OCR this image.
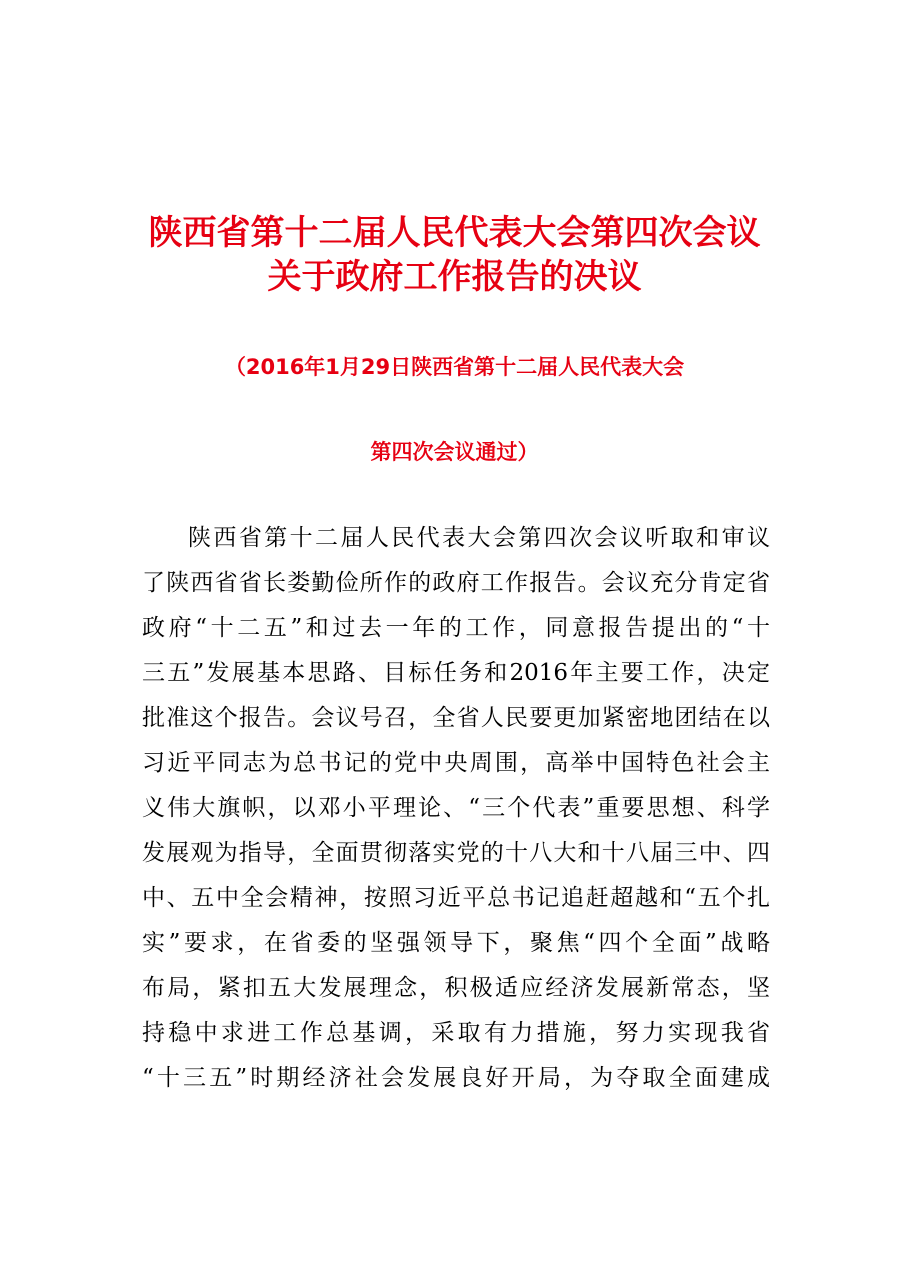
陕西省第十二届人民代表大会第四次会议
关于政府工作报告的决议
（2016年1月29日陕西省第十二届人民代表大会
第四次会议通过）
陕西省第十二届人民代表大会第四次会议听取和审议
了陕西省省长娄勤俭所作的政府工作报告。会议充分肯定省
政府“十二五”和过去一年的工作，同意报告提出的“十
三五”发展基本思路、目标任务和2016年主要工作，决定
批准这个报告。会议号召，全省人民要更加紧密地团结在以
习近平同志为总书记的党中央周围，高举中国特色社会主
义伟大旗帜，以邓小平理论、“三个代表”重要思想、科学
发展观为指导，全面贯彻落实党的十八大和十八届三中、四
中、五中全会精神，按照习近平总书记追赶超越和“五个扎
实”要求，在省委的坚强领导下，聚焦“四个全面”战略
布局，紧扣五大发展理念，积极适应经济发展新常态，坚
持稳中求进工作总基调，采取有力措施，努力实现我省
“十三五”时期经济社会发展良好开局，为夺取全面建成
